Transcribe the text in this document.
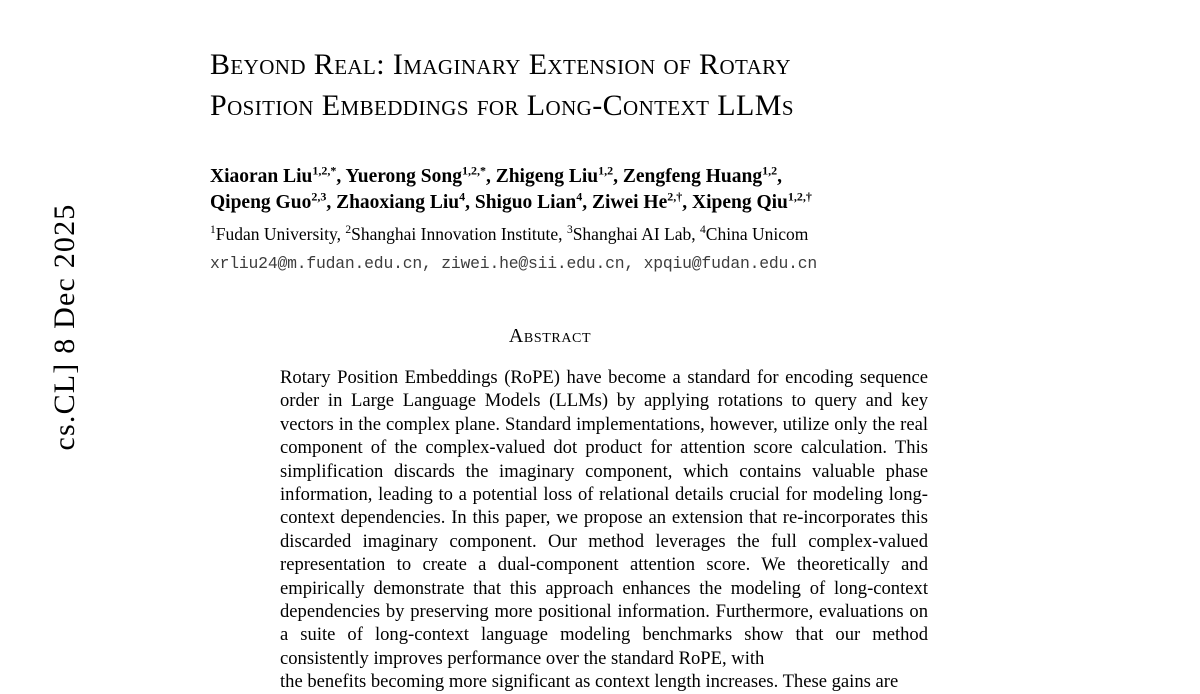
cs.CL] 8 Dec 2025
Beyond Real: Imaginary Extension of Rotary
Position Embeddings for Long-Context LLMs
Xiaoran Liu$^{1,2,*}$, Yuerong Song$^{1,2,*}$, Zhigeng Liu$^{1,2}$, Zengfeng Huang$^{1,2}$,
Qipeng Guo$^{2,3}$, Zhaoxiang Liu$^4$, Shiguo Lian$^4$, Ziwei $He^{2,\dagger}$, Xipeng Qiu$^{1,2,\dagger}$
$^1$Fudan University, $^2$Shanghai Innovation Institute, $^3$Shanghai AI Lab, $^4$China Unicom
xrliu24@m.fudan.edu.cn, ziwei.he@sii.edu.cn, xpqiu@fudan.edu.cn
Abstract

Rotary Position Embeddings (RoPE) have become a standard for encoding sequence order in Large Language Models (LLMs) by applying rotations to query and key vectors in the complex plane. Standard implementations, however, utilize only the real component of the complex-valued dot product for attention score calculation. This simplification discards the imaginary component, which contains valuable phase information, leading to a potential loss of relational details crucial for modeling long-context dependencies. In this paper, we propose an extension that re-incorporates this discarded imaginary component. Our method leverages the full complex-valued representation to create a dual-component attention score. We theoretically and empirically demonstrate that this approach enhances the modeling of long-context dependencies by preserving more positional information. Furthermore, evaluations on a suite of long-context language modeling benchmarks show that our method consistently improves performance over the standard RoPE, with

the benefits becoming more significant as context length increases. These gains are
